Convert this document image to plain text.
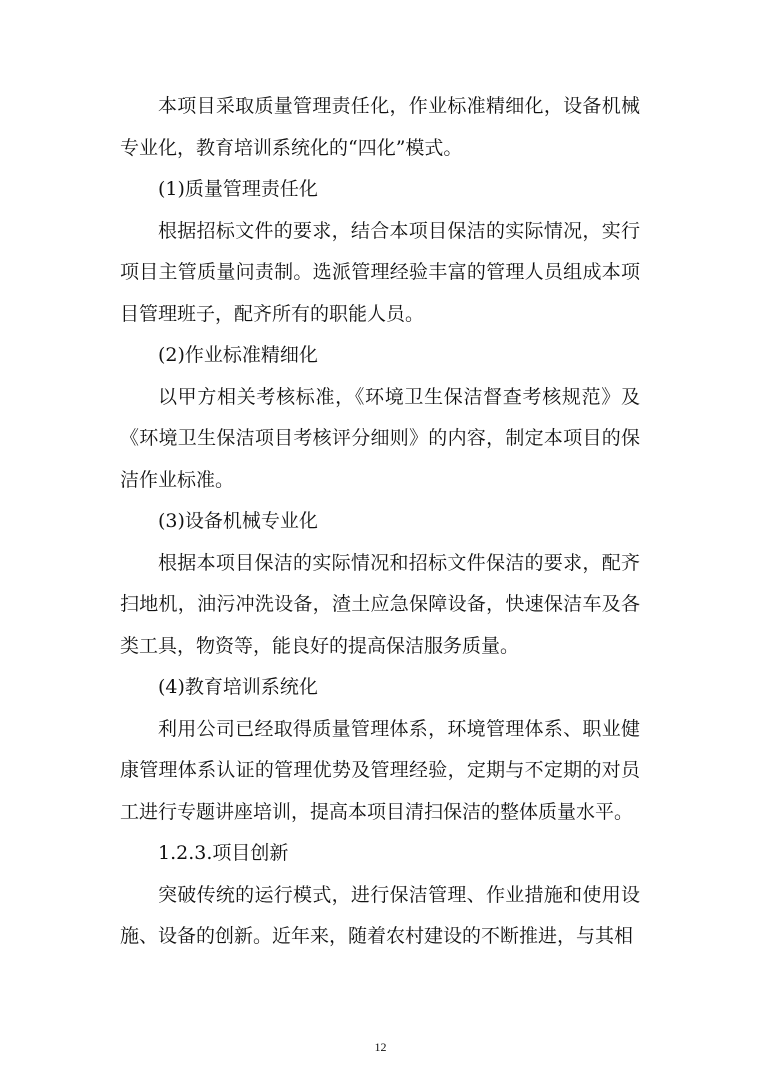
本项目采取质量管理责任化，作业标准精细化，设备机械专业化，教育培训系统化的“四化”模式。

(1)质量管理责任化

根据招标文件的要求，结合本项目保洁的实际情况，实行项目主管质量问责制。选派管理经验丰富的管理人员组成本项目管理班子，配齐所有的职能人员。

(2)作业标准精细化

以甲方相关考核标准，《环境卫生保洁督查考核规范》及《环境卫生保洁项目考核评分细则》的内容，制定本项目的保洁作业标准。

(3)设备机械专业化

根据本项目保洁的实际情况和招标文件保洁的要求，配齐扫地机，油污冲洗设备，渣土应急保障设备，快速保洁车及各类工具，物资等，能良好的提高保洁服务质量。

(4)教育培训系统化

利用公司已经取得质量管理体系，环境管理体系、职业健康管理体系认证的管理优势及管理经验，定期与不定期的对员工进行专题讲座培训，提高本项目清扫保洁的整体质量水平。

1.2.3.项目创新

突破传统的运行模式，进行保洁管理、作业措施和使用设施、设备的创新。近年来，随着农村建设的不断推进，与其相

12
